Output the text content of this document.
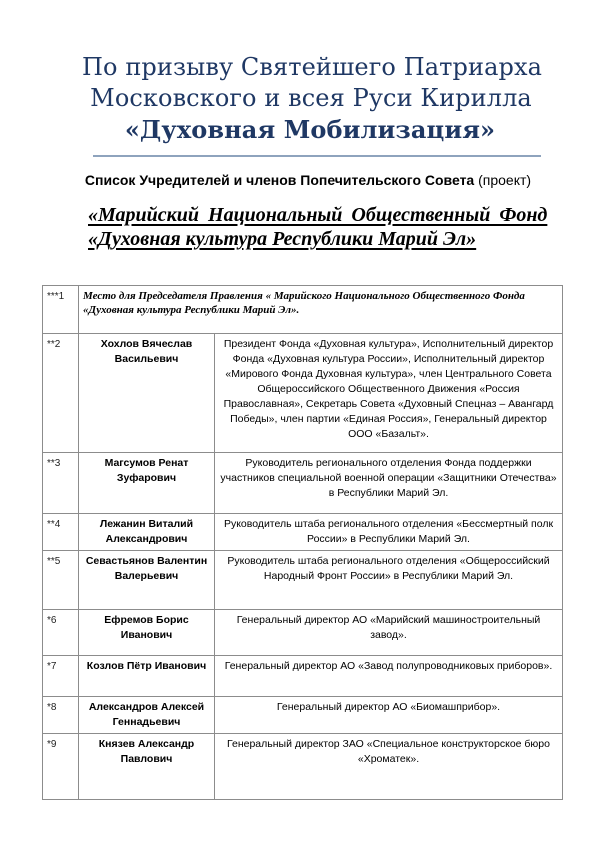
По призыву Святейшего Патриарха
Московского и всея Руси Кирилла
«Духовная Мобилизация»
Список Учредителей и членов Попечительского Совета (проект)
«Марийский Национальный Общественный Фонд
«Духовная культура Республики Марий Эл»
***1	Место для Председателя Правления « Марийского Национального Общественного Фонда «Духовная культура Республики Марий Эл».	
**2	Хохлов Вячеслав Васильевич	Президент Фонда «Духовная культура», Исполнительный директор Фонда «Духовная культура России», Исполнительный директор «Мирового Фонда Духовная культура», член Центрального Совета Общероссийского Общественного Движения «Россия Православная», Секретарь Совета «Духовный Спецназ – Авангард Победы», член партии «Единая Россия», Генеральный директор ООО «Базальт».
**3	Магсумов Ренат Зуфарович	Руководитель регионального отделения Фонда поддержки участников специальной военной операции «Защитники Отечества» в Республики Марий Эл.
**4	Лежанин Виталий Александрович	Руководитель штаба регионального отделения «Бессмертный полк России» в Республики Марий Эл.
**5	Севастьянов Валентин Валерьевич	Руководитель штаба регионального отделения «Общероссийский Народный Фронт России» в Республики Марий Эл.
*6	Ефремов Борис Иванович	Генеральный директор АО «Марийский машиностроительный завод».
*7	Козлов Пётр Иванович	Генеральный директор АО «Завод полупроводниковых приборов».
*8	Александров Алексей Геннадьевич	Генеральный директор АО «Биомашприбор».
*9	Князев Александр Павлович	Генеральный директор ЗАО «Специальное конструкторское бюро «Хроматек».
